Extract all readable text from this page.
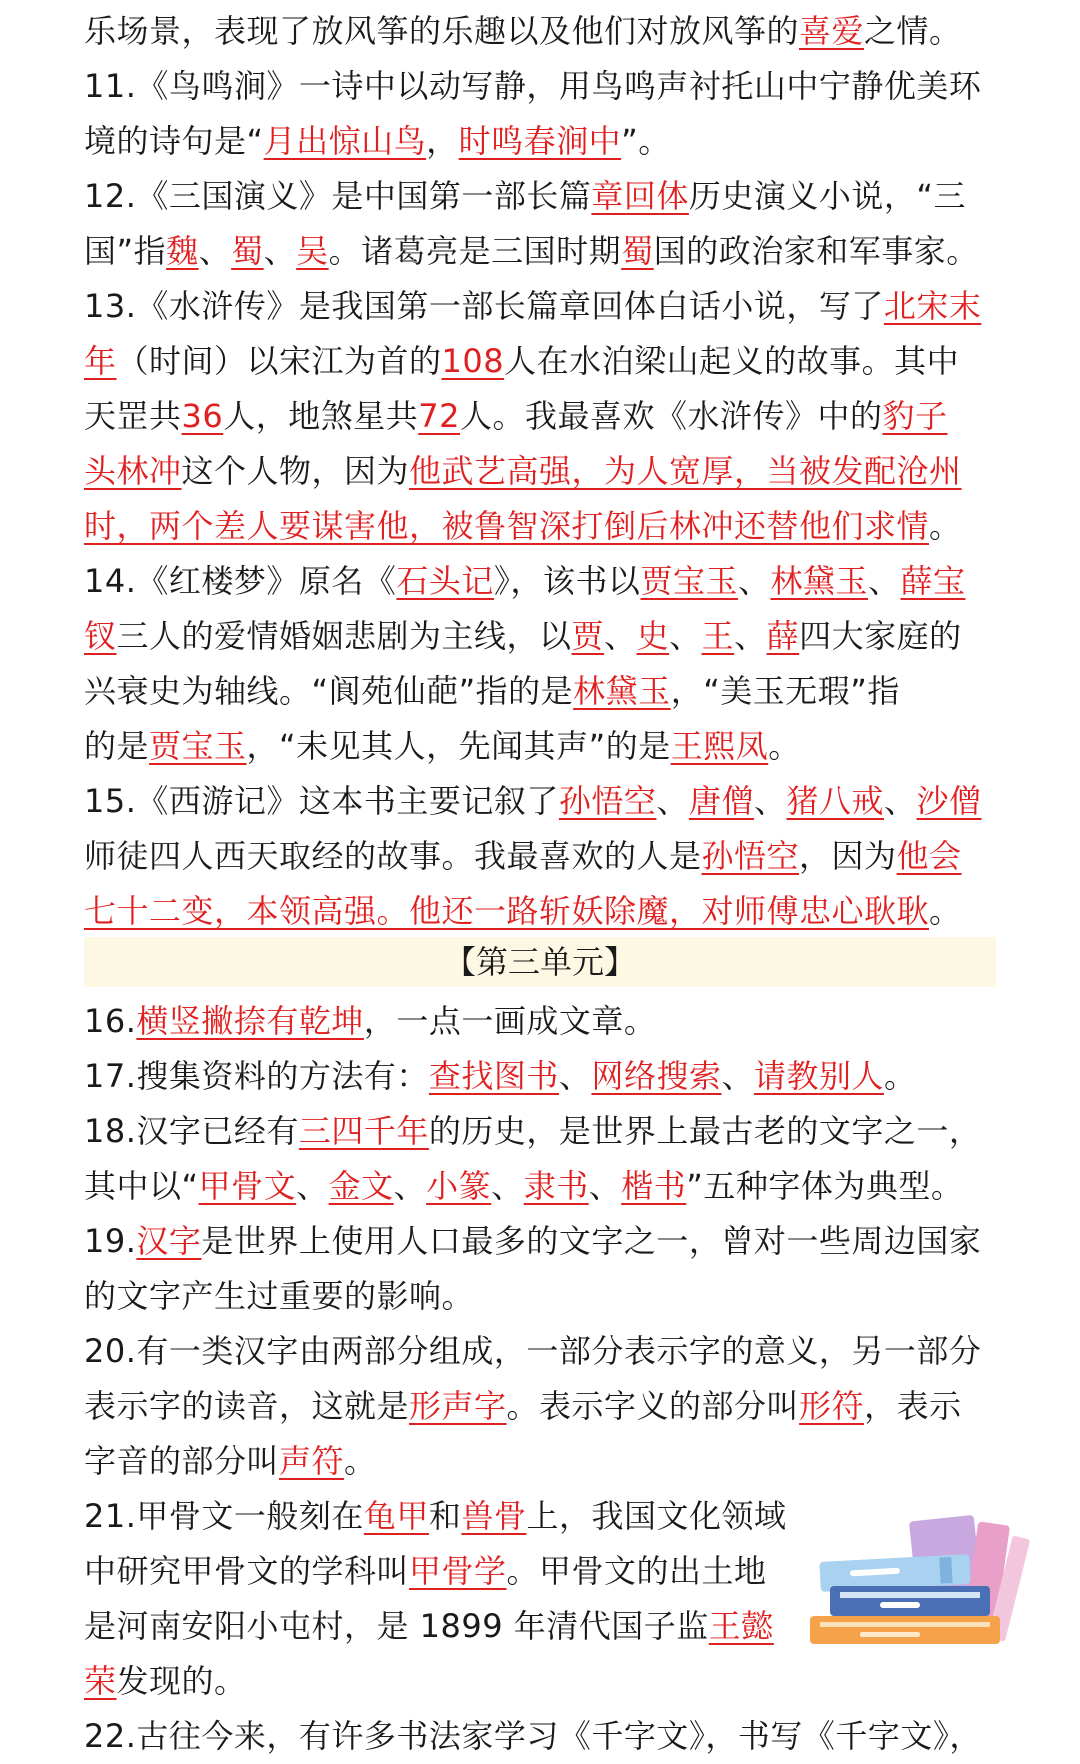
乐场景，表现了放风筝的乐趣以及他们对放风筝的喜爱之情。
11.《鸟鸣涧》一诗中以动写静，用鸟鸣声衬托山中宁静优美环
境的诗句是“月出惊山鸟，时鸣春涧中”。
12.《三国演义》是中国第一部长篇章回体历史演义小说，“三
国”指魏、蜀、吴。诸葛亮是三国时期蜀国的政治家和军事家。
13.《水浒传》是我国第一部长篇章回体白话小说，写了北宋末
年（时间）以宋江为首的108人在水泊梁山起义的故事。其中
天罡共36人，地煞星共72人。我最喜欢《水浒传》中的豹子
头林冲这个人物，因为他武艺高强，为人宽厚，当被发配沧州
时，两个差人要谋害他，被鲁智深打倒后林冲还替他们求情。
14.《红楼梦》原名《石头记》，该书以贾宝玉、林黛玉、薛宝
钗三人的爱情婚姻悲剧为主线，以贾、史、王、薛四大家庭的
兴衰史为轴线。“阆苑仙葩”指的是林黛玉，“美玉无瑕”指
的是贾宝玉，“未见其人，先闻其声”的是王熙凤。
15.《西游记》这本书主要记叙了孙悟空、唐僧、猪八戒、沙僧
师徒四人西天取经的故事。我最喜欢的人是孙悟空，因为他会
七十二变，本领高强。他还一路斩妖除魔，对师傅忠心耿耿。
16.横竖撇捺有乾坤，一点一画成文章。
17.搜集资料的方法有：查找图书、网络搜索、请教别人。
18.汉字已经有三四千年的历史，是世界上最古老的文字之一，
其中以“甲骨文、金文、小篆、隶书、楷书”五种字体为典型。
19.汉字是世界上使用人口最多的文字之一，曾对一些周边国家
的文字产生过重要的影响。
20.有一类汉字由两部分组成，一部分表示字的意义，另一部分
表示字的读音，这就是形声字。表示字义的部分叫形符，表示
字音的部分叫声符。
21.甲骨文一般刻在龟甲和兽骨上，我国文化领域
中研究甲骨文的学科叫甲骨学。甲骨文的出土地
是河南安阳小屯村，是 1899 年清代国子监王懿
荣发现的。
22.古往今来，有许多书法家学习《千字文》，书写《千字文》，
【第三单元】
